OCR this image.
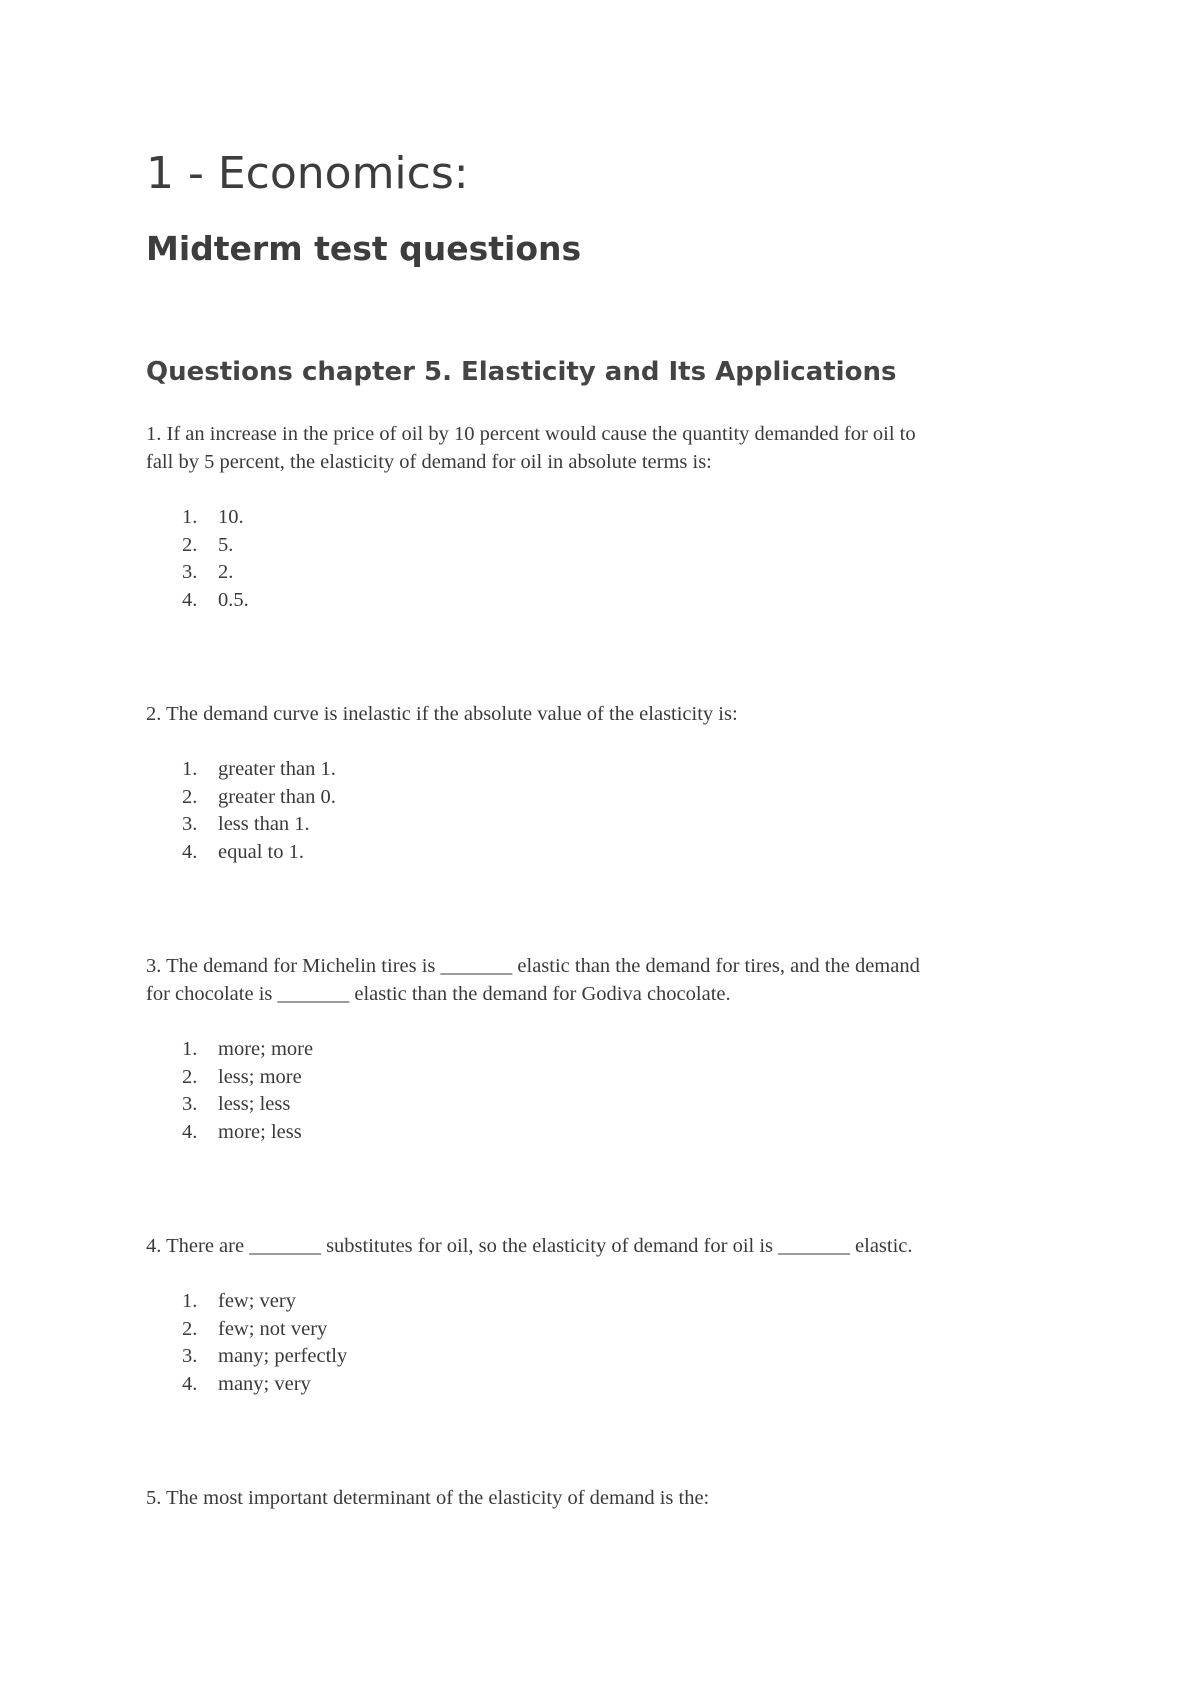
1 - Economics:
Midterm test questions
Questions chapter 5. Elasticity and Its Applications

1. If an increase in the price of oil by 10 percent would cause the quantity demanded for oil to

fall by 5 percent, the elasticity of demand for oil in absolute terms is:

1. 10.
2. 5.
3. 2.
4. 0.5.

2. The demand curve is inelastic if the absolute value of the elasticity is:

1. greater than 1.
2. greater than 0.
3. less than 1.
4. equal to 1.

3. The demand for Michelin tires is _______ elastic than the demand for tires, and the demand

for chocolate is _______ elastic than the demand for Godiva chocolate.

1. more; more
2. less; more
3. less; less
4. more; less

4. There are _______ substitutes for oil, so the elasticity of demand for oil is _______ elastic.

1. few; very
2. few; not very
3. many; perfectly
4. many; very

5. The most important determinant of the elasticity of demand is the:
